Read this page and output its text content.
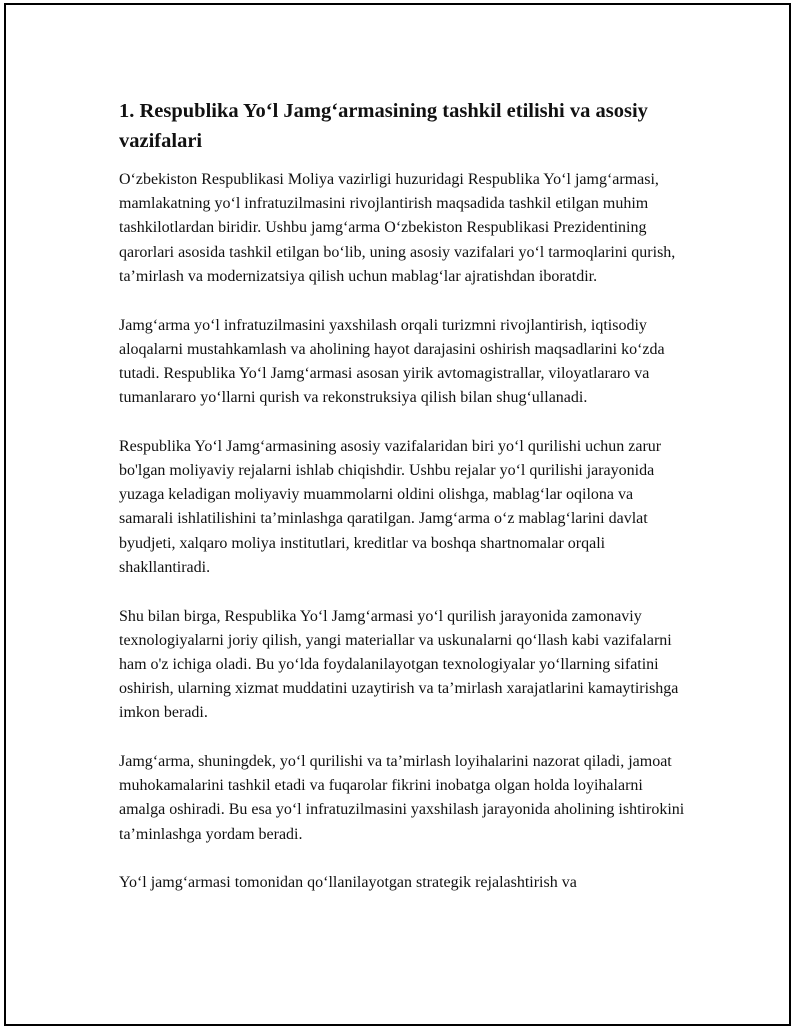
1. Respublika Yo‘l Jamg‘armasining tashkil etilishi va asosiy vazifalari

O‘zbekiston Respublikasi Moliya vazirligi huzuridagi Respublika Yo‘l jamg‘armasi, mamlakatning yo‘l infratuzilmasini rivojlantirish maqsadida tashkil etilgan muhim tashkilotlardan biridir. Ushbu jamg‘arma O‘zbekiston Respublikasi Prezidentining qarorlari asosida tashkil etilgan bo‘lib, uning asosiy vazifalari yo‘l tarmoqlarini qurish, ta’mirlash va modernizatsiya qilish uchun mablag‘lar ajratishdan iboratdir.

Jamg‘arma yo‘l infratuzilmasini yaxshilash orqali turizmni rivojlantirish, iqtisodiy aloqalarni mustahkamlash va aholining hayot darajasini oshirish maqsadlarini ko‘zda tutadi. Respublika Yo‘l Jamg‘armasi asosan yirik avtomagistrallar, viloyatlararo va tumanlararo yo‘llarni qurish va rekonstruksiya qilish bilan shug‘ullanadi.

Respublika Yo‘l Jamg‘armasining asosiy vazifalaridan biri yo‘l qurilishi uchun zarur bo'lgan moliyaviy rejalarni ishlab chiqishdir. Ushbu rejalar yo‘l qurilishi jarayonida yuzaga keladigan moliyaviy muammolarni oldini olishga, mablag‘lar oqilona va samarali ishlatilishini ta’minlashga qaratilgan. Jamg‘arma o‘z mablag‘larini davlat byudjeti, xalqaro moliya institutlari, kreditlar va boshqa shartnomalar orqali shakllantiradi.

Shu bilan birga, Respublika Yo‘l Jamg‘armasi yo‘l qurilish jarayonida zamonaviy texnologiyalarni joriy qilish, yangi materiallar va uskunalarni qo‘llash kabi vazifalarni ham o'z ichiga oladi. Bu yo‘lda foydalanilayotgan texnologiyalar yo‘llarning sifatini oshirish, ularning xizmat muddatini uzaytirish va ta’mirlash xarajatlarini kamaytirishga imkon beradi.

Jamg‘arma, shuningdek, yo‘l qurilishi va ta’mirlash loyihalarini nazorat qiladi, jamoat muhokamalarini tashkil etadi va fuqarolar fikrini inobatga olgan holda loyihalarni amalga oshiradi. Bu esa yo‘l infratuzilmasini yaxshilash jarayonida aholining ishtirokini ta’minlashga yordam beradi.

Yo‘l jamg‘armasi tomonidan qo‘llanilayotgan strategik rejalashtirish va
